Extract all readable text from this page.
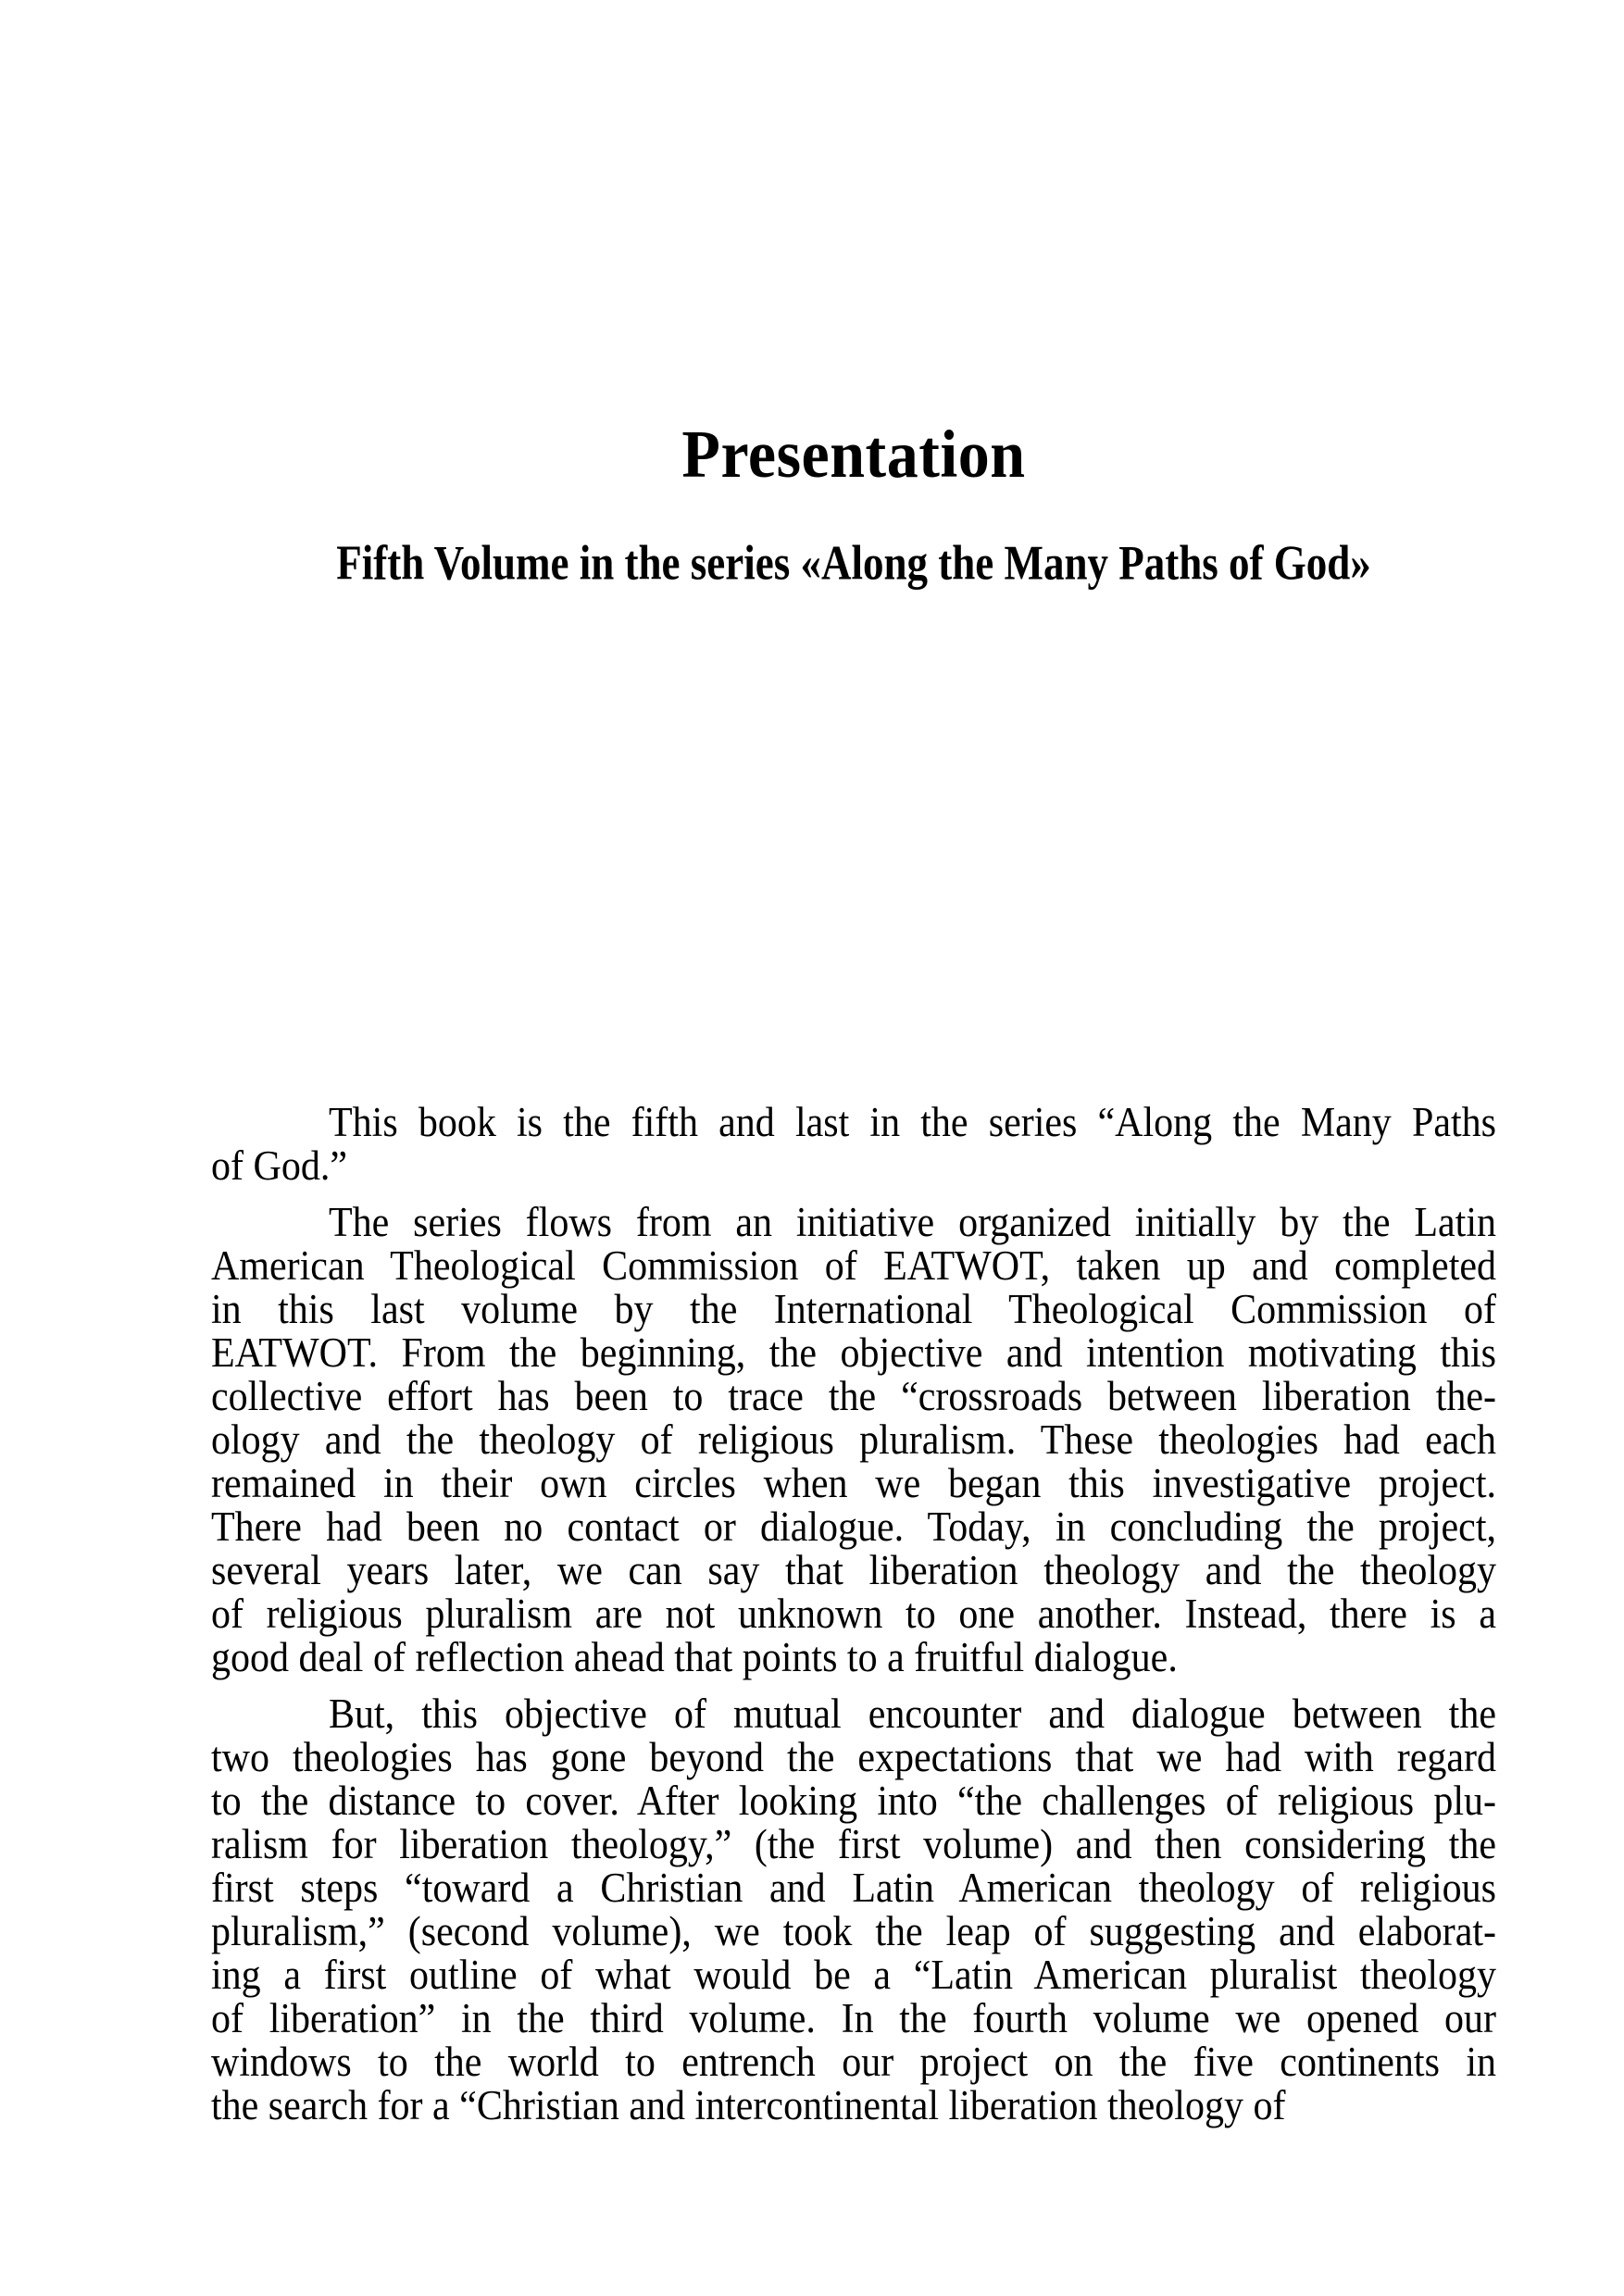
Presentation
Fifth Volume in the series «Along the Many Paths of God»
This book is the fifth and last in the series “Along the Many Paths
of God.”
The series flows from an initiative organized initially by the Latin
American Theological Commission of EATWOT, taken up and completed
in this last volume by the International Theological Commission of
EATWOT. From the beginning, the objective and intention motivating this
collective effort has been to trace the “crossroads between liberation the-
ology and the theology of religious pluralism. These theologies had each
remained in their own circles when we began this investigative project.
There had been no contact or dialogue. Today, in concluding the project,
several years later, we can say that liberation theology and the theology
of religious pluralism are not unknown to one another. Instead, there is a
good deal of reflection ahead that points to a fruitful dialogue.
But, this objective of mutual encounter and dialogue between the
two theologies has gone beyond the expectations that we had with regard
to the distance to cover. After looking into “the challenges of religious plu-
ralism for liberation theology,” (the first volume) and then considering the
first steps “toward a Christian and Latin American theology of religious
pluralism,” (second volume), we took the leap of suggesting and elaborat-
ing a first outline of what would be a “Latin American pluralist theology
of liberation” in the third volume. In the fourth volume we opened our
windows to the world to entrench our project on the five continents in
the search for a “Christian and intercontinental liberation theology of
